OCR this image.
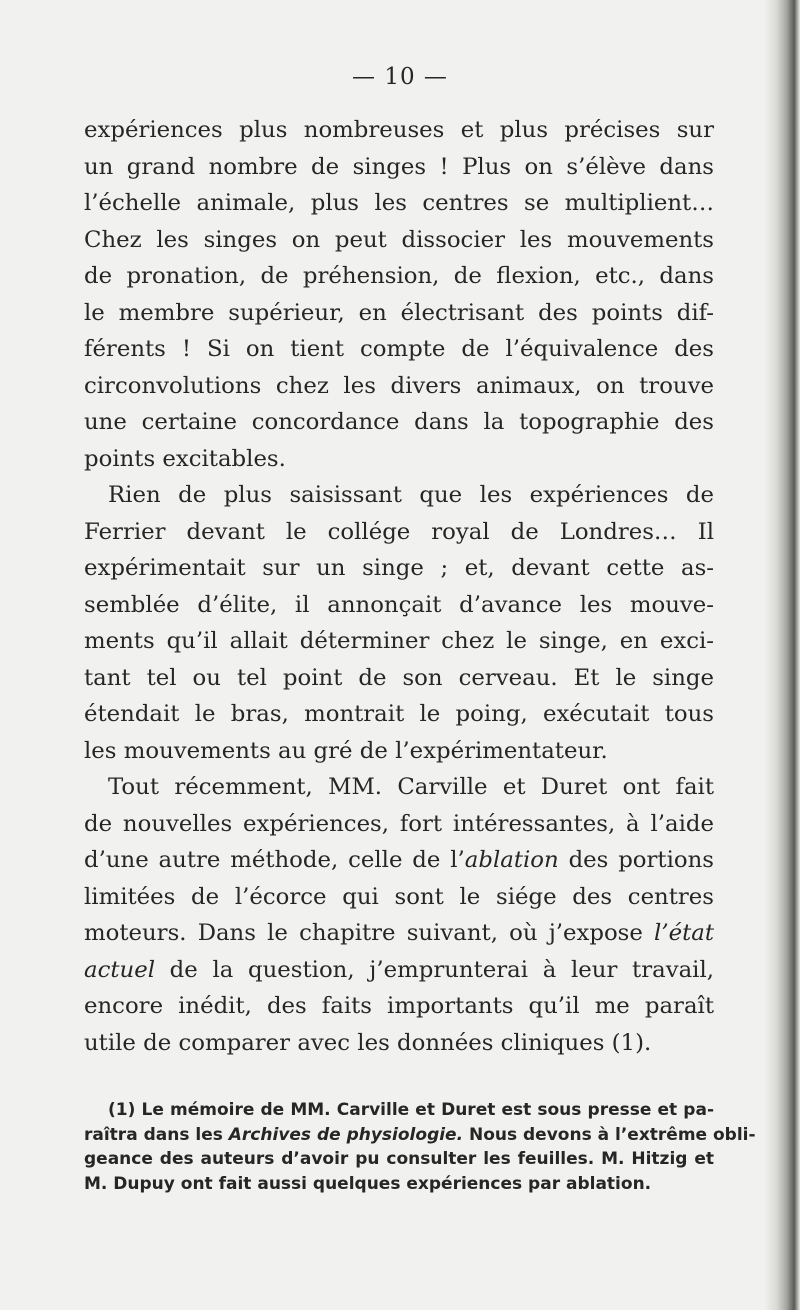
— 10 —
expériences plus nombreuses et plus précises sur
un grand nombre de singes ! Plus on s’élève dans
l’échelle animale, plus les centres se multiplient…
Chez les singes on peut dissocier les mouvements
de pronation, de préhension, de flexion, etc., dans
le membre supérieur, en électrisant des points dif-
férents ! Si on tient compte de l’équivalence des
circonvolutions chez les divers animaux, on trouve
une certaine concordance dans la topographie des
points excitables.
Rien de plus saisissant que les expériences de
Ferrier devant le collége royal de Londres… Il
expérimentait sur un singe ; et, devant cette as-
semblée d’élite, il annonçait d’avance les mouve-
ments qu’il allait déterminer chez le singe, en exci-
tant tel ou tel point de son cerveau. Et le singe
étendait le bras, montrait le poing, exécutait tous
les mouvements au gré de l’expérimentateur.
Tout récemment, MM. Carville et Duret ont fait
de nouvelles expériences, fort intéressantes, à l’aide
d’une autre méthode, celle de l’ablation des portions
limitées de l’écorce qui sont le siége des centres
moteurs. Dans le chapitre suivant, où j’expose l’état
actuel de la question, j’emprunterai à leur travail,
encore inédit, des faits importants qu’il me paraît
utile de comparer avec les données cliniques (1).
(1) Le mémoire de MM. Carville et Duret est sous presse et pa-
raîtra dans les Archives de physiologie. Nous devons à l’extrême obli-
geance des auteurs d’avoir pu consulter les feuilles. M. Hitzig et
M. Dupuy ont fait aussi quelques expériences par ablation.
